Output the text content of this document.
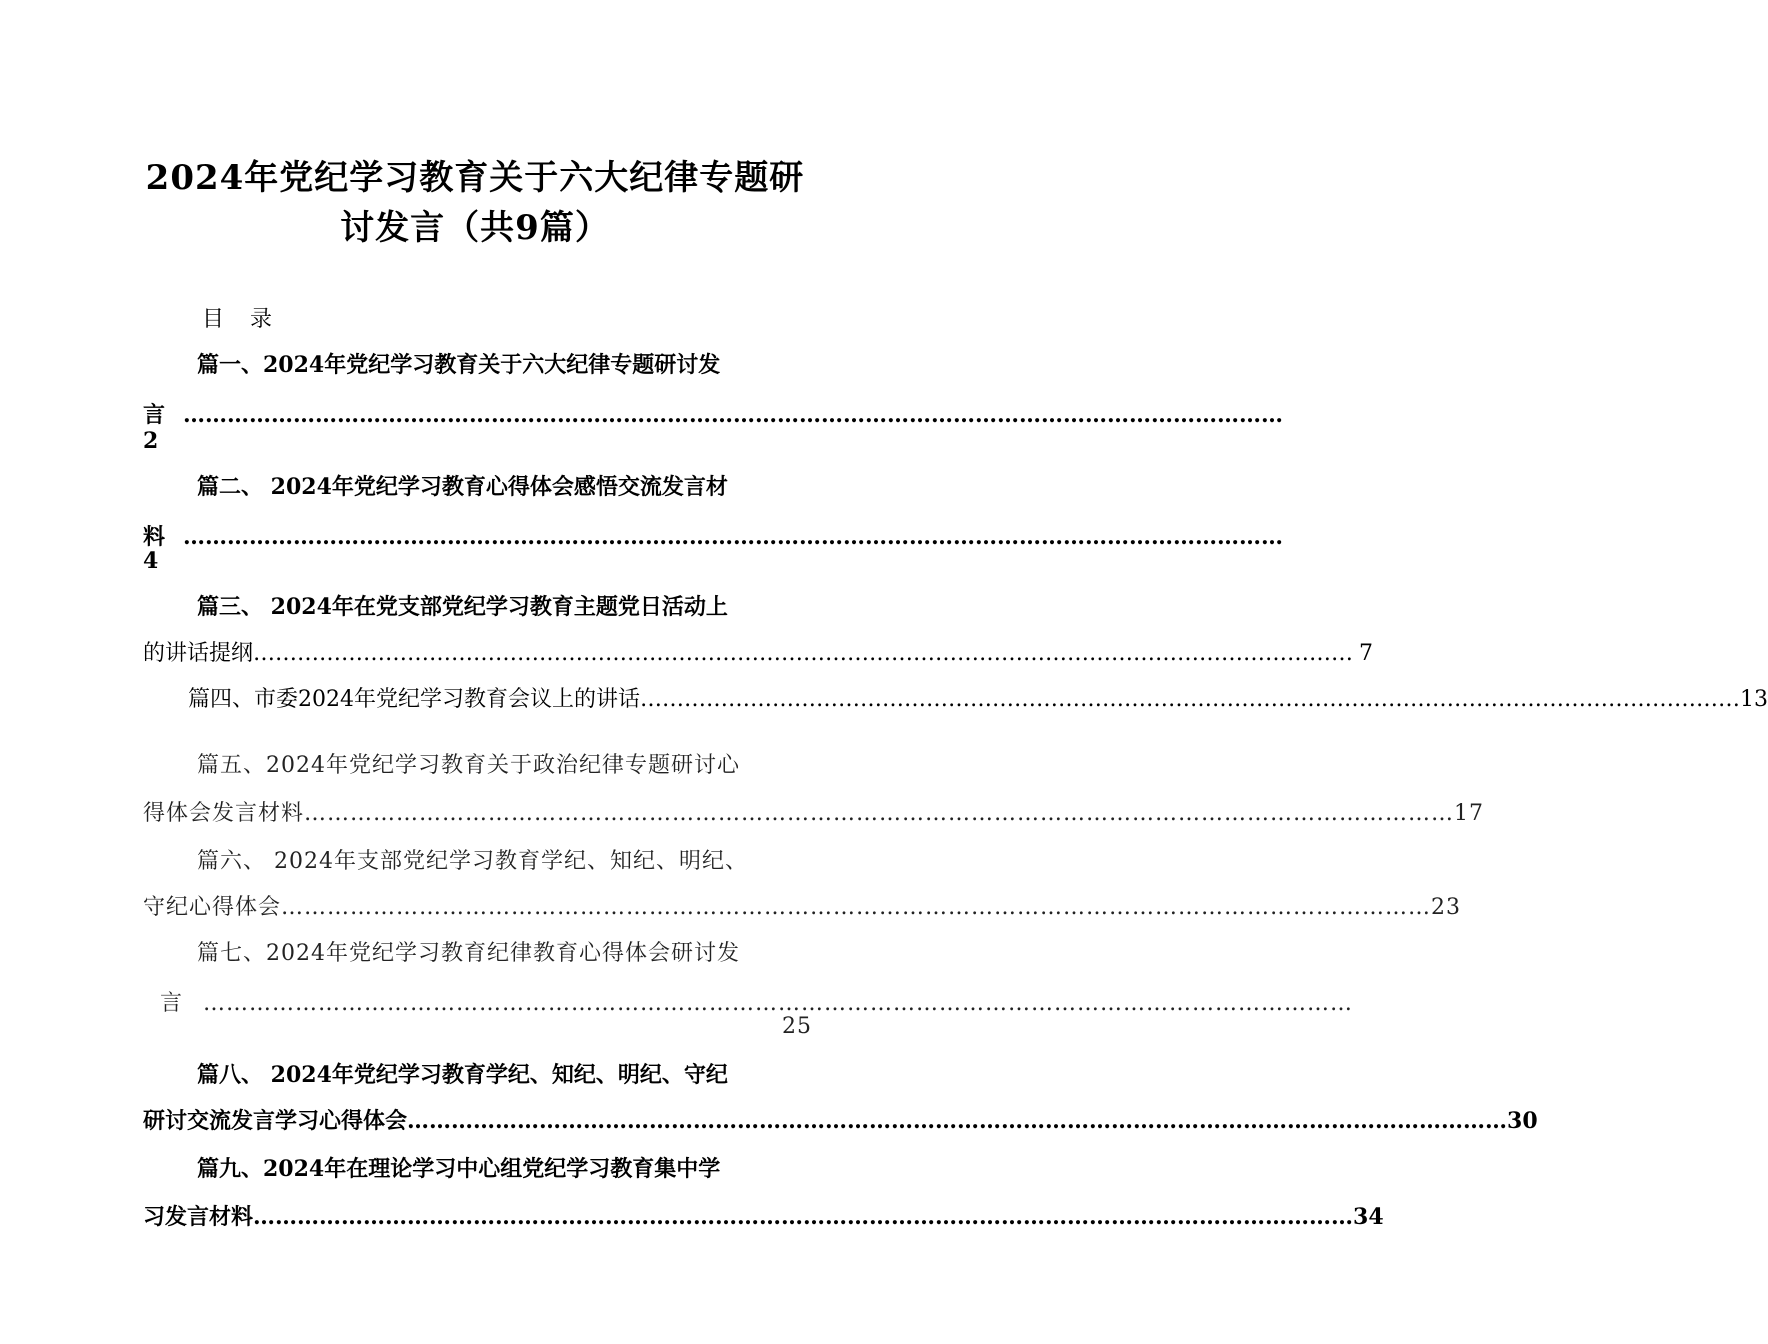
2024年党纪学习教育关于六大纪律专题研
讨发言（共9篇）
目录
篇一、2024年党纪学习教育关于六大纪律专题研讨发
言 ……………………………………………………………………………………………………………………………………
2
篇二、 2024年党纪学习教育心得体会感悟交流发言材
料 ……………………………………………………………………………………………………………………………………
4
篇三、 2024年在党支部党纪学习教育主题党日活动上
的讲话提纲 …………………………………………………………………………………………………………………………………… 7
篇四、市委2024年党纪学习教育会议上的讲话 …………………………………………………………………………………………………………………………………… 13
篇五、2024年党纪学习教育关于政治纪律专题研讨心
得体会发言材料 …………………………………………………………………………………………………………………………………… 17
篇六、 2024年支部党纪学习教育学纪、知纪、明纪、
守纪心得体会 …………………………………………………………………………………………………………………………………… 23
篇七、2024年党纪学习教育纪律教育心得体会研讨发
言 ……………………………………………………………………………………………………………………………………
25
篇八、 2024年党纪学习教育学纪、知纪、明纪、守纪
研讨交流发言学习心得体会 …………………………………………………………………………………………………………………………………… 30
篇九、2024年在理论学习中心组党纪学习教育集中学
习发言材料 …………………………………………………………………………………………………………………………………… 34
